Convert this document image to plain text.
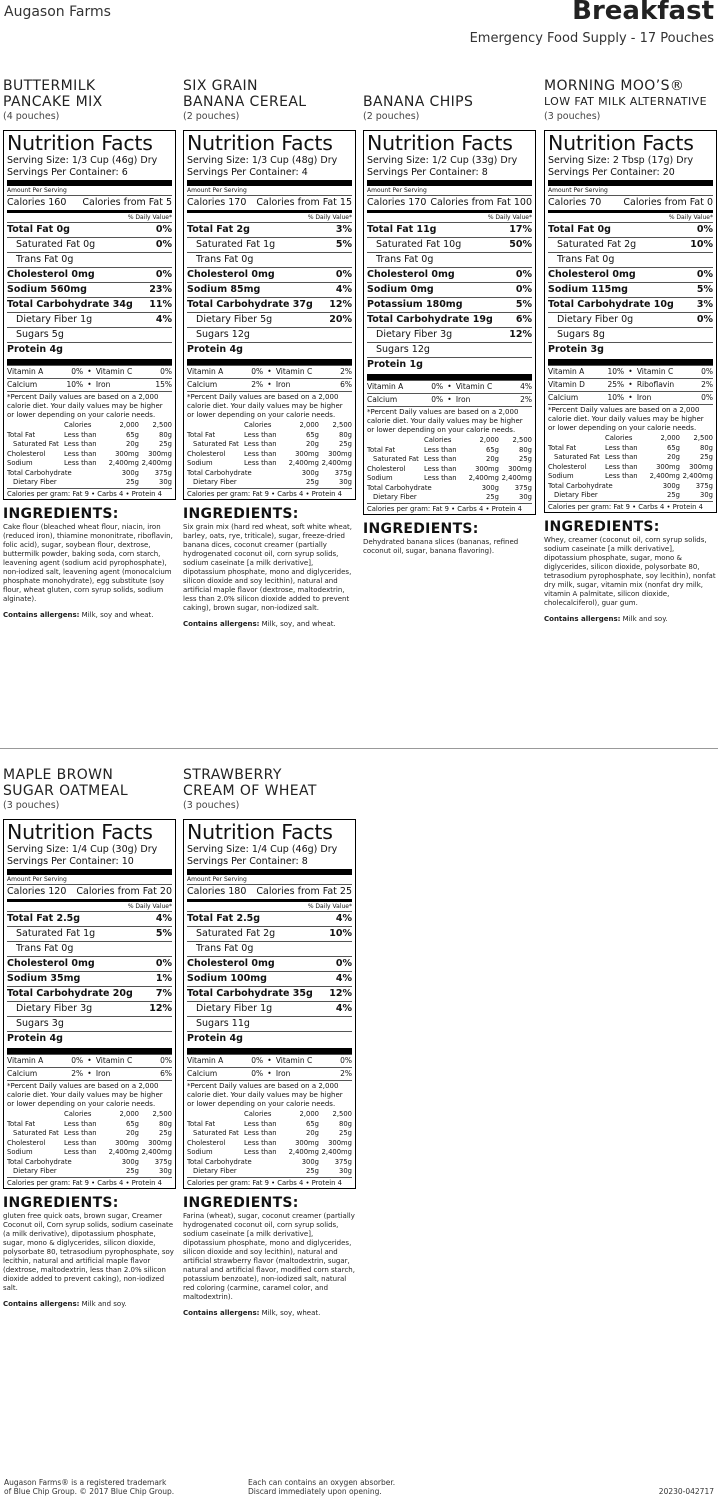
Augason Farms	Breakfast
Emergency Food Supply - 17 Pouches
BUTTERMILK
PANCAKE MIX
(4 pouches)
Nutrition Facts
Serving Size: 1/3 Cup (46g) Dry
Servings Per Container: 6
Amount Per Serving
Calories 160 Calories from Fat 5
% Daily Value*
Total Fat 0g	0%
Saturated Fat 0g	0%
Trans Fat 0g
Cholesterol 0mg	0%
Sodium 560mg	23%
Total Carbohydrate 34g 11%
Dietary Fiber 1g	4%
Sugars 5g
Protein 4g
Vitamin A	0% • Vitamin C	0%
Calcium	10% • Iron	15%
*Percent Daily values are based on a 2,000 calorie diet. Your daily values may be higher or lower depending on your calorie needs.
Calories	2,000	2,500
Total Fat	Less than	65g	80g
Saturated Fat Less than	20g	25g
Cholesterol	Less than	300mg	300mg
Sodium	Less than	2,400mg 2,400mg
Total Carbohydrate	300g	375g
Dietary Fiber	25g	30g
Calories per gram: Fat 9 • Carbs 4 • Protein 4
INGREDIENTS:
Cake flour (bleached wheat flour, niacin, iron (reduced iron), thiamine mononitrate, riboflavin, folic acid), sugar, soybean flour, dextrose, buttermilk powder, baking soda, corn starch, leavening agent (sodium acid pyrophosphate), non-iodized salt, leavening agent (monocalcium phosphate monohydrate), egg substitute (soy flour, wheat gluten, corn syrup solids, sodium alginate).
Contains allergens: Milk, soy and wheat.
SIX GRAIN
BANANA CEREAL
(2 pouches)
Nutrition Facts
Serving Size: 1/3 Cup (48g) Dry
Servings Per Container: 4
Amount Per Serving
Calories 170 Calories from Fat 15
% Daily Value*
Total Fat 2g	3%
Saturated Fat 1g	5%
Trans Fat 0g
Cholesterol 0mg	0%
Sodium 85mg	4%
Total Carbohydrate 37g 12%
Dietary Fiber 5g	20%
Sugars 12g
Protein 4g
Vitamin A	0% • Vitamin C	2%
Calcium	2% • Iron	6%
*Percent Daily values are based on a 2,000 calorie diet. Your daily values may be higher or lower depending on your calorie needs.
Calories	2,000	2,500
Total Fat	Less than	65g	80g
Saturated Fat Less than	20g	25g
Cholesterol	Less than	300mg	300mg
Sodium	Less than	2,400mg 2,400mg
Total Carbohydrate	300g	375g
Dietary Fiber	25g	30g
Calories per gram: Fat 9 • Carbs 4 • Protein 4
INGREDIENTS:
Six grain mix (hard red wheat, soft white wheat, barley, oats, rye, triticale), sugar, freeze-dried banana dices, coconut creamer (partially hydrogenated coconut oil, corn syrup solids, sodium caseinate [a milk derivative], dipotassium phosphate, mono and diglycerides, silicon dioxide and soy lecithin), natural and artificial maple flavor (dextrose, maltodextrin, less than 2.0% silicon dioxide added to prevent caking), brown sugar, non-iodized salt.
Contains allergens: Milk, soy, and wheat.
BANANA CHIPS
(2 pouches)
Nutrition Facts
Serving Size: 1/2 Cup (33g) Dry
Servings Per Container: 8
Amount Per Serving
Calories 170 Calories from Fat 100
% Daily Value*
Total Fat 11g	17%
Saturated Fat 10g	50%
Trans Fat 0g
Cholesterol 0mg	0%
Sodium 0mg	0%
Potassium 180mg	5%
Total Carbohydrate 19g 6%
Dietary Fiber 3g	12%
Sugars 12g
Protein 1g
Vitamin A	0% • Vitamin C	4%
Calcium	0% • Iron	2%
*Percent Daily values are based on a 2,000 calorie diet. Your daily values may be higher or lower depending on your calorie needs.
Calories	2,000	2,500
Total Fat	Less than	65g	80g
Saturated Fat Less than	20g	25g
Cholesterol	Less than	300mg	300mg
Sodium	Less than	2,400mg 2,400mg
Total Carbohydrate	300g	375g
Dietary Fiber	25g	30g
Calories per gram: Fat 9 • Carbs 4 • Protein 4
INGREDIENTS:
Dehydrated banana slices (bananas, refined coconut oil, sugar, banana flavoring).
MORNING MOO’S®
LOW FAT MILK ALTERNATIVE
(3 pouches)
Nutrition Facts
Serving Size: 2 Tbsp (17g) Dry
Servings Per Container: 20
Amount Per Serving
Calories 70 Calories from Fat 0
% Daily Value*
Total Fat 0g	0%
Saturated Fat 2g	10%
Trans Fat 0g
Cholesterol 0mg	0%
Sodium 115mg	5%
Total Carbohydrate 10g 3%
Dietary Fiber 0g	0%
Sugars 8g
Protein 3g
Vitamin A	10% • Vitamin C	0%
Vitamin D	25% • Riboflavin	2%
Calcium	10% • Iron	0%
*Percent Daily values are based on a 2,000 calorie diet. Your daily values may be higher or lower depending on your calorie needs.
Calories	2,000	2,500
Total Fat	Less than	65g	80g
Saturated Fat Less than	20g	25g
Cholesterol	Less than	300mg	300mg
Sodium	Less than	2,400mg 2,400mg
Total Carbohydrate	300g	375g
Dietary Fiber	25g	30g
Calories per gram: Fat 9 • Carbs 4 • Protein 4
INGREDIENTS:
Whey, creamer (coconut oil, corn syrup solids, sodium caseinate [a milk derivative], dipotassium phosphate, sugar, mono & diglycerides, silicon dioxide, polysorbate 80, tetrasodium pyrophosphate, soy lecithin), nonfat dry milk, sugar, vitamin mix (nonfat dry milk, vitamin A palmitate, silicon dioxide, cholecalciferol), guar gum.
Contains allergens: Milk and soy.
MAPLE BROWN
SUGAR OATMEAL
(3 pouches)
Nutrition Facts
Serving Size: 1/4 Cup (30g) Dry
Servings Per Container: 10
Amount Per Serving
Calories 120 Calories from Fat 20
% Daily Value*
Total Fat 2.5g	4%
Saturated Fat 1g	5%
Trans Fat 0g
Cholesterol 0mg	0%
Sodium 35mg	1%
Total Carbohydrate 20g 7%
Dietary Fiber 3g	12%
Sugars 3g
Protein 4g
Vitamin A	0% • Vitamin C	0%
Calcium	2% • Iron	6%
*Percent Daily values are based on a 2,000 calorie diet. Your daily values may be higher or lower depending on your calorie needs.
Calories	2,000	2,500
Total Fat	Less than	65g	80g
Saturated Fat Less than	20g	25g
Cholesterol	Less than	300mg	300mg
Sodium	Less than	2,400mg 2,400mg
Total Carbohydrate	300g	375g
Dietary Fiber	25g	30g
Calories per gram: Fat 9 • Carbs 4 • Protein 4
INGREDIENTS:
gluten free quick oats, brown sugar, Creamer Coconut oil, Corn syrup solids, sodium caseinate (a milk derivative), dipotassium phosphate, sugar, mono & diglycerides, silicon dioxide, polysorbate 80, tetrasodium pyrophosphate, soy lecithin, natural and artificial maple flavor (dextrose, maltodextrin, less than 2.0% silicon dioxide added to prevent caking), non-iodized salt.
Contains allergens: Milk and soy.
STRAWBERRY
CREAM OF WHEAT
(3 pouches)
Nutrition Facts
Serving Size: 1/4 Cup (46g) Dry
Servings Per Container: 8
Amount Per Serving
Calories 180 Calories from Fat 25
% Daily Value*
Total Fat 2.5g	4%
Saturated Fat 2g	10%
Trans Fat 0g
Cholesterol 0mg	0%
Sodium 100mg	4%
Total Carbohydrate 35g 12%
Dietary Fiber 1g	4%
Sugars 11g
Protein 4g
Vitamin A	0% • Vitamin C	0%
Calcium	0% • Iron	2%
*Percent Daily values are based on a 2,000 calorie diet. Your daily values may be higher or lower depending on your calorie needs.
Calories	2,000	2,500
Total Fat	Less than	65g	80g
Saturated Fat Less than	20g	25g
Cholesterol	Less than	300mg	300mg
Sodium	Less than	2,400mg 2,400mg
Total Carbohydrate	300g	375g
Dietary Fiber	25g	30g
Calories per gram: Fat 9 • Carbs 4 • Protein 4
INGREDIENTS:
Farina (wheat), sugar, coconut creamer (partially hydrogenated coconut oil, corn syrup solids, sodium caseinate [a milk derivative], dipotassium phosphate, mono and diglycerides, silicon dioxide and soy lecithin), natural and artificial strawberry flavor (maltodextrin, sugar, natural and artificial flavor, modified corn starch, potassium benzoate), non-iodized salt, natural red coloring (carmine, caramel color, and maltodextrin).
Contains allergens: Milk, soy, wheat.
Augason Farms® is a registered trademark
of Blue Chip Group. © 2017 Blue Chip Group.
Each can contains an oxygen absorber.
Discard immediately upon opening.	20230-042717
